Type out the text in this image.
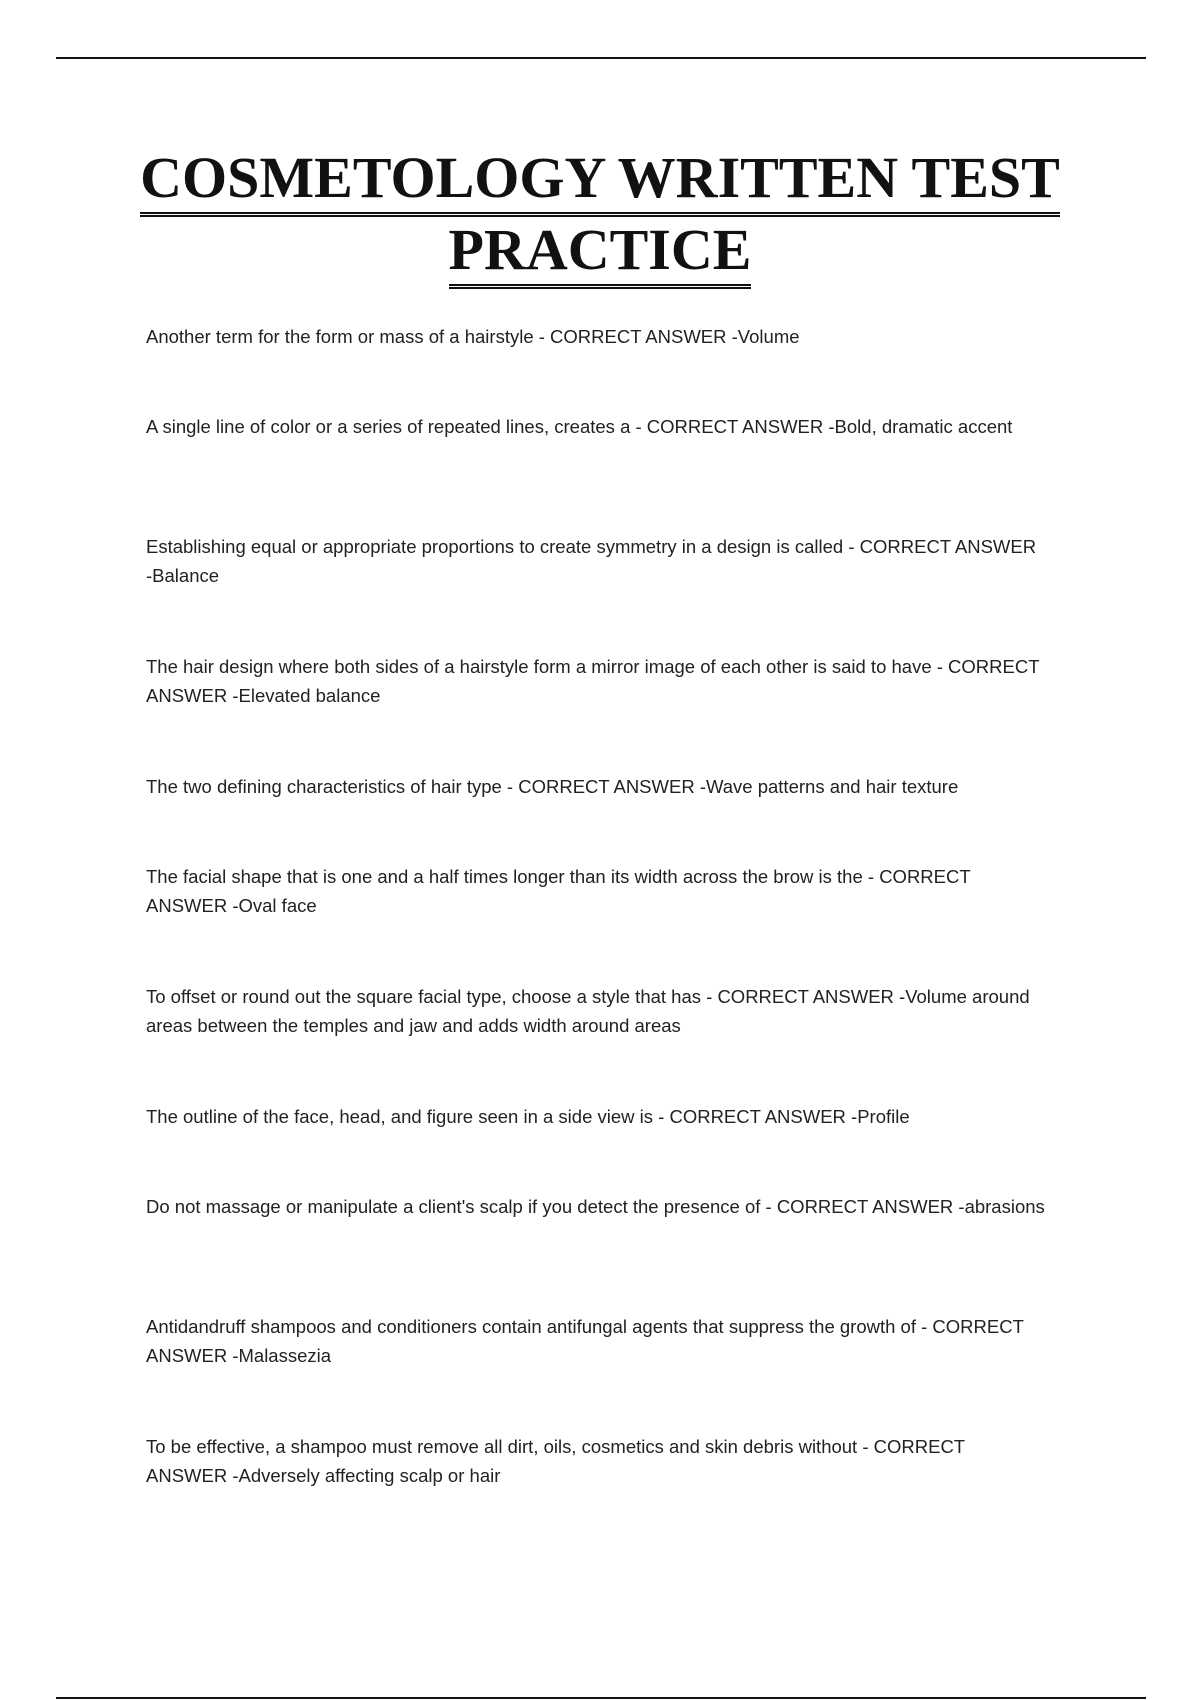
COSMETOLOGY WRITTEN TEST
PRACTICE
Another term for the form or mass of a hairstyle - CORRECT ANSWER -Volume
A single line of color or a series of repeated lines, creates a - CORRECT ANSWER -Bold, dramatic accent
Establishing equal or appropriate proportions to create symmetry in a design is called - CORRECT ANSWER -Balance
The hair design where both sides of a hairstyle form a mirror image of each other is said to have - CORRECT ANSWER -Elevated balance
The two defining characteristics of hair type - CORRECT ANSWER -Wave patterns and hair texture
The facial shape that is one and a half times longer than its width across the brow is the - CORRECT ANSWER -Oval face
To offset or round out the square facial type, choose a style that has - CORRECT ANSWER -Volume around areas between the temples and jaw and adds width around areas
The outline of the face, head, and figure seen in a side view is - CORRECT ANSWER -Profile
Do not massage or manipulate a client's scalp if you detect the presence of - CORRECT ANSWER -abrasions
Antidandruff shampoos and conditioners contain antifungal agents that suppress the growth of - CORRECT ANSWER -Malassezia
To be effective, a shampoo must remove all dirt, oils, cosmetics and skin debris without - CORRECT ANSWER -Adversely affecting scalp or hair
